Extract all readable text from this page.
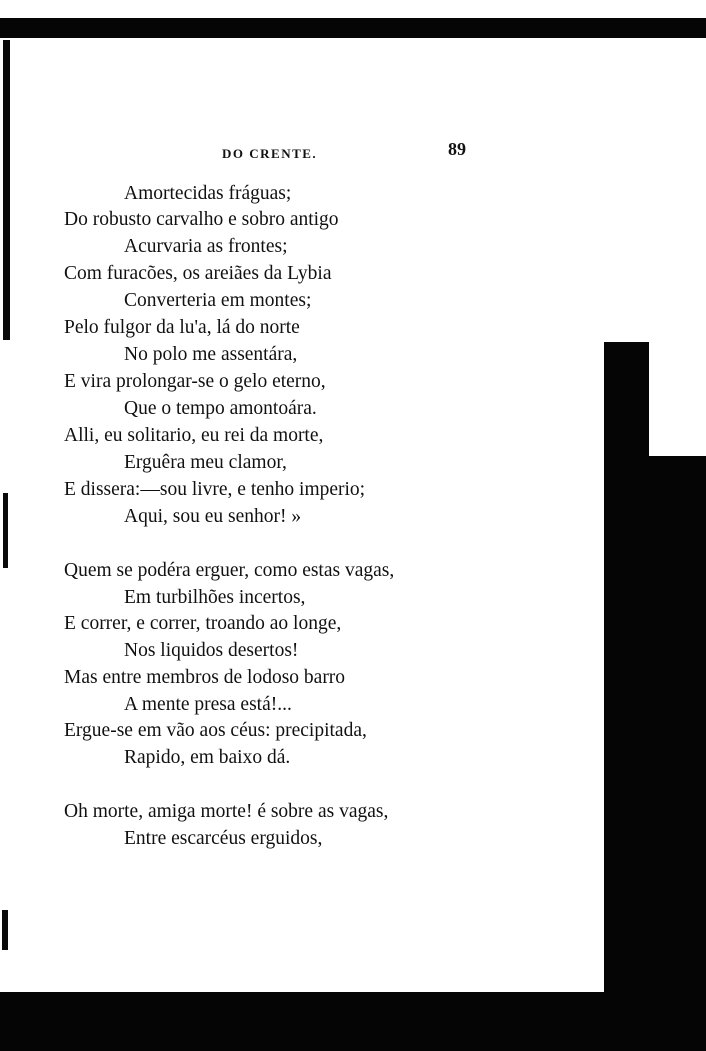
DO CRENTE.	89
Amortecidas fráguas;
Do robusto carvalho e sobro antigo
Acurvaria as frontes;
Com furacões, os areiães da Lybia
Converteria em montes;
Pelo fulgor da lu'a, lá do norte
No polo me assentára,
E vira prolongar-se o gelo eterno,
Que o tempo amontoára.
Alli, eu solitario, eu rei da morte,
Erguêra meu clamor,
E dissera:—sou livre, e tenho imperio;
Aqui, sou eu senhor! »
Quem se podéra erguer, como estas vagas,
Em turbilhões incertos,
E correr, e correr, troando ao longe,
Nos liquidos desertos!
Mas entre membros de lodoso barro
A mente presa está!...
Ergue-se em vão aos céus: precipitada,
Rapido, em baixo dá.
Oh morte, amiga morte! é sobre as vagas,
Entre escarcéus erguidos,
